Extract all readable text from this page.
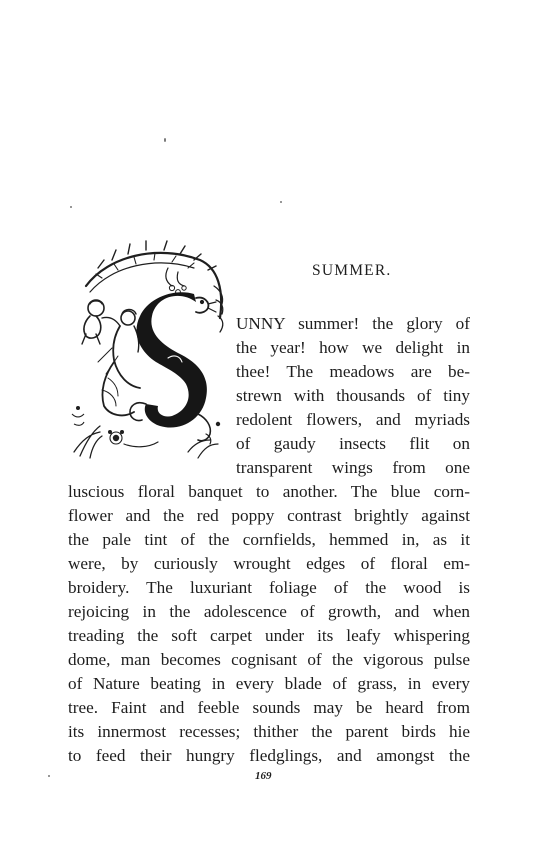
SUMMER.
UNNY summer! the glory of
the year! how we delight in
thee! The meadows are be-
strewn with thousands of tiny
redolent flowers, and myriads
of gaudy insects flit on
transparent wings from one
luscious floral banquet to another. The blue corn-
flower and the red poppy contrast brightly against
the pale tint of the cornfields, hemmed in, as it
were, by curiously wrought edges of floral em-
broidery. The luxuriant foliage of the wood is
rejoicing in the adolescence of growth, and when
treading the soft carpet under its leafy whispering
dome, man becomes cognisant of the vigorous pulse
of Nature beating in every blade of grass, in every
tree. Faint and feeble sounds may be heard from
its innermost recesses; thither the parent birds hie
to feed their hungry fledglings, and amongst the
169
